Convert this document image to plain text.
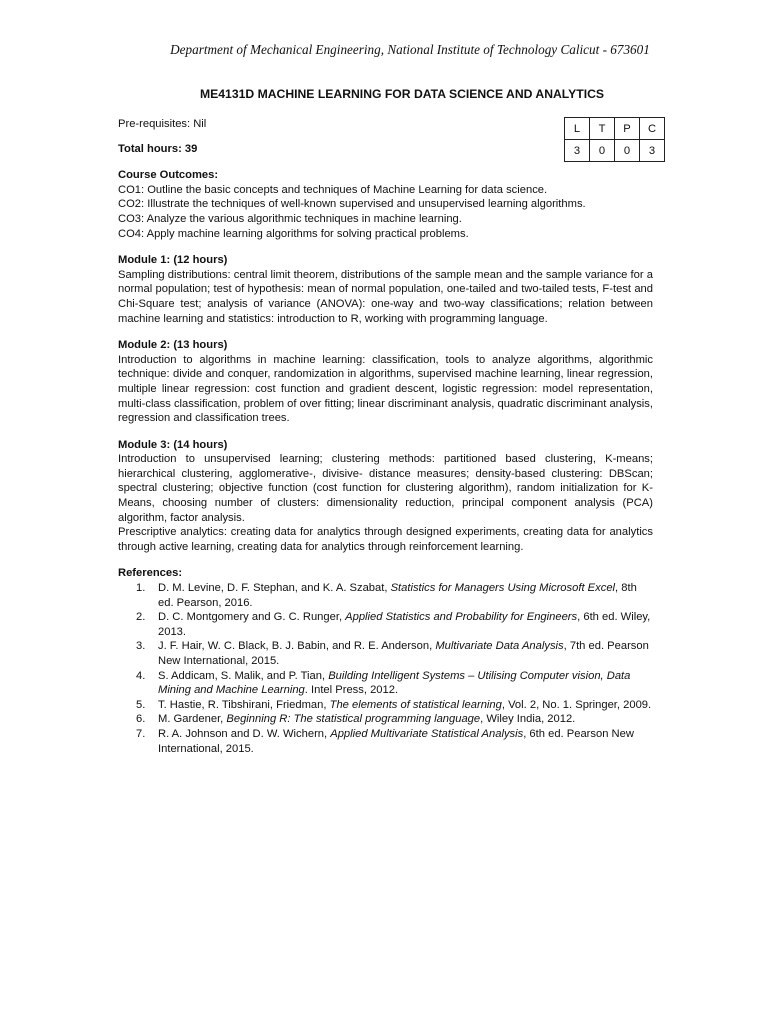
Department of Mechanical Engineering, National Institute of Technology Calicut - 673601
ME4131D MACHINE LEARNING FOR DATA SCIENCE AND ANALYTICS
L	T	P	C
3	0	0	3

Pre-requisites: Nil

Total hours: 39

Course Outcomes:

CO1: Outline the basic concepts and techniques of Machine Learning for data science.

CO2: Illustrate the techniques of well-known supervised and unsupervised learning algorithms.

CO3: Analyze the various algorithmic techniques in machine learning.

CO4: Apply machine learning algorithms for solving practical problems.

Module 1: (12 hours)

Sampling distributions: central limit theorem, distributions of the sample mean and the sample variance for a normal population; test of hypothesis: mean of normal population, one-tailed and two-tailed tests, F-test and Chi-Square test; analysis of variance (ANOVA): one-way and two-way classifications; relation between machine learning and statistics: introduction to R, working with programming language.

Module 2: (13 hours)

Introduction to algorithms in machine learning: classification, tools to analyze algorithms, algorithmic technique: divide and conquer, randomization in algorithms, supervised machine learning, linear regression, multiple linear regression: cost function and gradient descent, logistic regression: model representation, multi-class classification, problem of over fitting; linear discriminant analysis, quadratic discriminant analysis, regression and classification trees.

Module 3: (14 hours)

Introduction to unsupervised learning; clustering methods: partitioned based clustering, K-means; hierarchical clustering, agglomerative-, divisive- distance measures; density-based clustering: DBScan; spectral clustering; objective function (cost function for clustering algorithm), random initialization for K-Means, choosing number of clusters: dimensionality reduction, principal component analysis (PCA) algorithm, factor analysis.

Prescriptive analytics: creating data for analytics through designed experiments, creating data for analytics through active learning, creating data for analytics through reinforcement learning.

References:

1. D. M. Levine, D. F. Stephan, and K. A. Szabat, Statistics for Managers Using Microsoft Excel, 8th ed. Pearson, 2016.
2. D. C. Montgomery and G. C. Runger, Applied Statistics and Probability for Engineers, 6th ed. Wiley, 2013.
3. J. F. Hair, W. C. Black, B. J. Babin, and R. E. Anderson, Multivariate Data Analysis, 7th ed. Pearson New International, 2015.
4. S. Addicam, S. Malik, and P. Tian, Building Intelligent Systems – Utilising Computer vision, Data Mining and Machine Learning. Intel Press, 2012.
5. T. Hastie, R. Tibshirani, Friedman, The elements of statistical learning, Vol. 2, No. 1. Springer, 2009.
6. M. Gardener, Beginning R: The statistical programming language, Wiley India, 2012.
7. R. A. Johnson and D. W. Wichern, Applied Multivariate Statistical Analysis, 6th ed. Pearson New International, 2015.
